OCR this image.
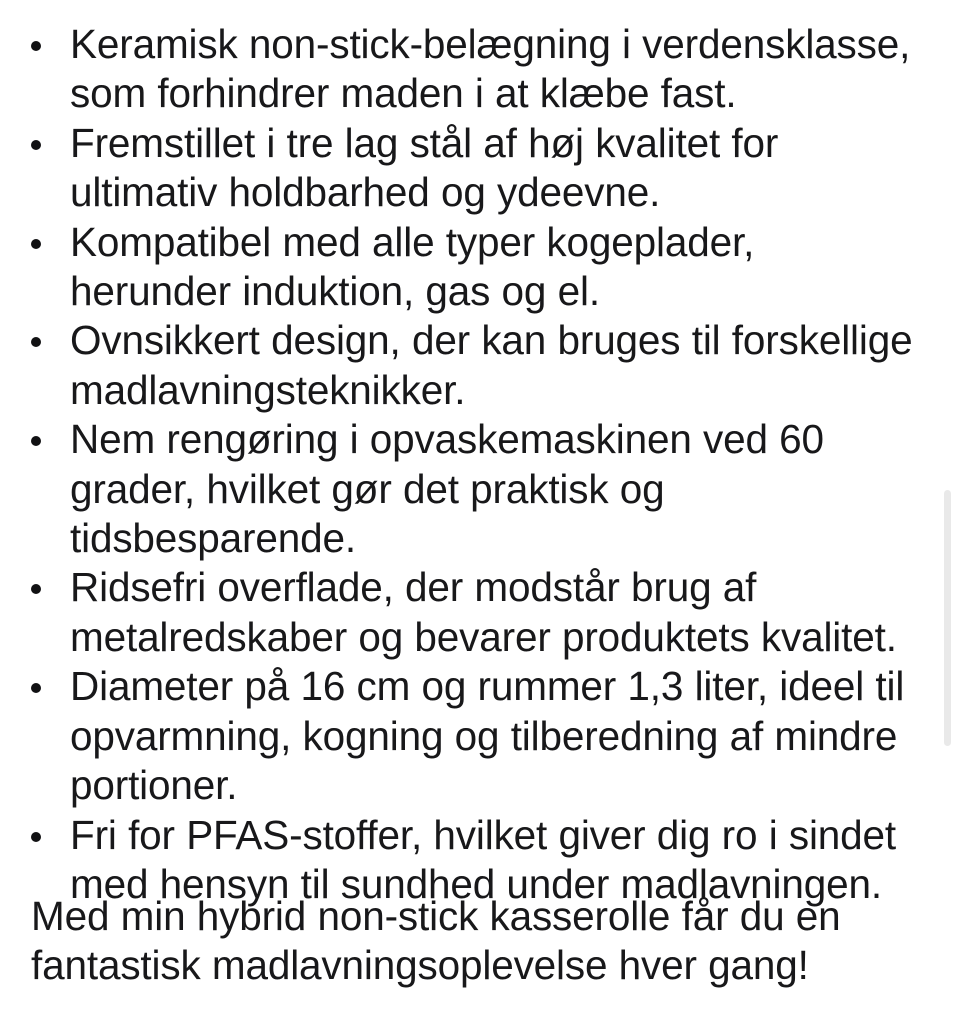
Keramisk non-stick-belægning i verdensklasse, som forhindrer maden i at klæbe fast.
Fremstillet i tre lag stål af høj kvalitet for ultimativ holdbarhed og ydeevne.
Kompatibel med alle typer kogeplader, herunder induktion, gas og el.
Ovnsikkert design, der kan bruges til forskellige madlavningsteknikker.
Nem rengøring i opvaskemaskinen ved 60 grader, hvilket gør det praktisk og tidsbesparende.
Ridsefri overflade, der modstår brug af metalredskaber og bevarer produktets kvalitet.
Diameter på 16 cm og rummer 1,3 liter, ideel til opvarmning, kogning og tilberedning af mindre portioner.
Fri for PFAS-stoffer, hvilket giver dig ro i sindet med hensyn til sundhed under madlavningen.

Med min hybrid non-stick kasserolle får du en fantastisk madlavningsoplevelse hver gang!
